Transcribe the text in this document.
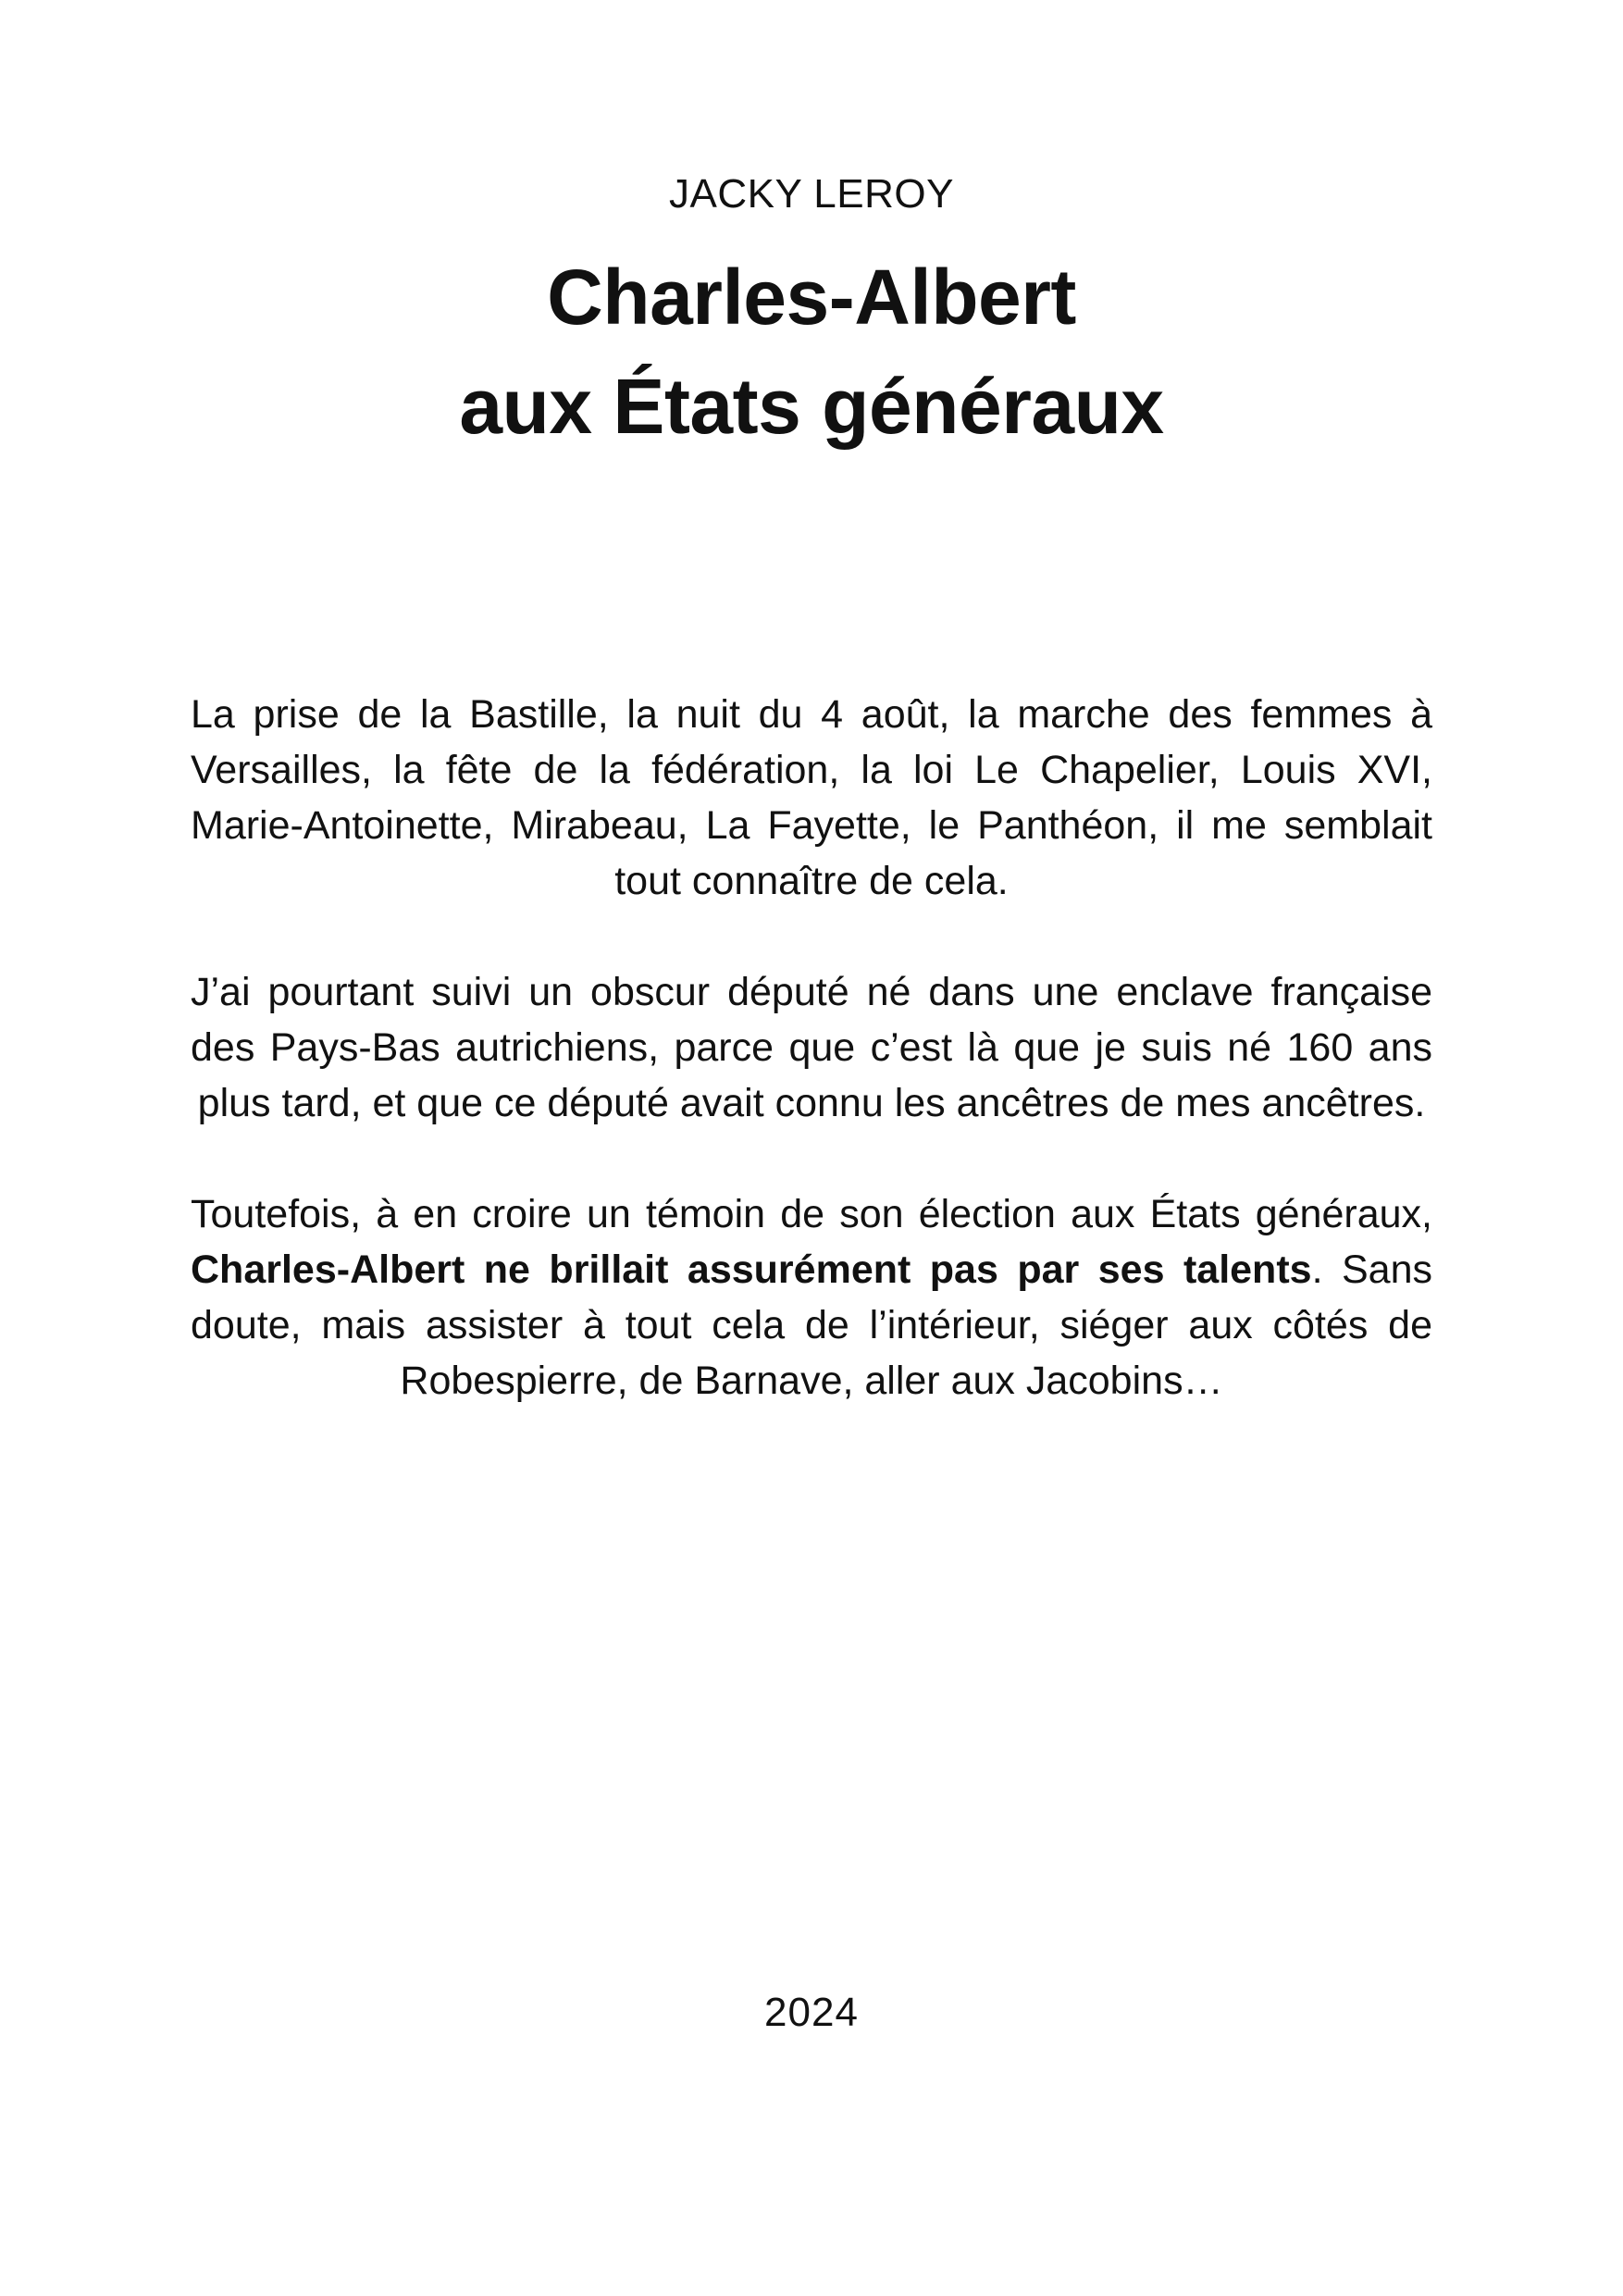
JACKY LEROY
Charles-Albert
aux États généraux

La prise de la Bastille, la nuit du 4 août, la marche des femmes à Versailles, la fête de la fédération, la loi Le Chapelier, Louis XVI, Marie-Antoinette, Mirabeau, La Fayette, le Panthéon, il me semblait tout connaître de cela.

J’ai pourtant suivi un obscur député né dans une enclave française des Pays-Bas autrichiens, parce que c’est là que je suis né 160 ans plus tard, et que ce député avait connu les ancêtres de mes ancêtres.

Toutefois, à en croire un témoin de son élection aux États généraux, Charles-Albert ne brillait assurément pas par ses talents. Sans doute, mais assister à tout cela de l’intérieur, siéger aux côtés de Robespierre, de Barnave, aller aux Jacobins…

2024
